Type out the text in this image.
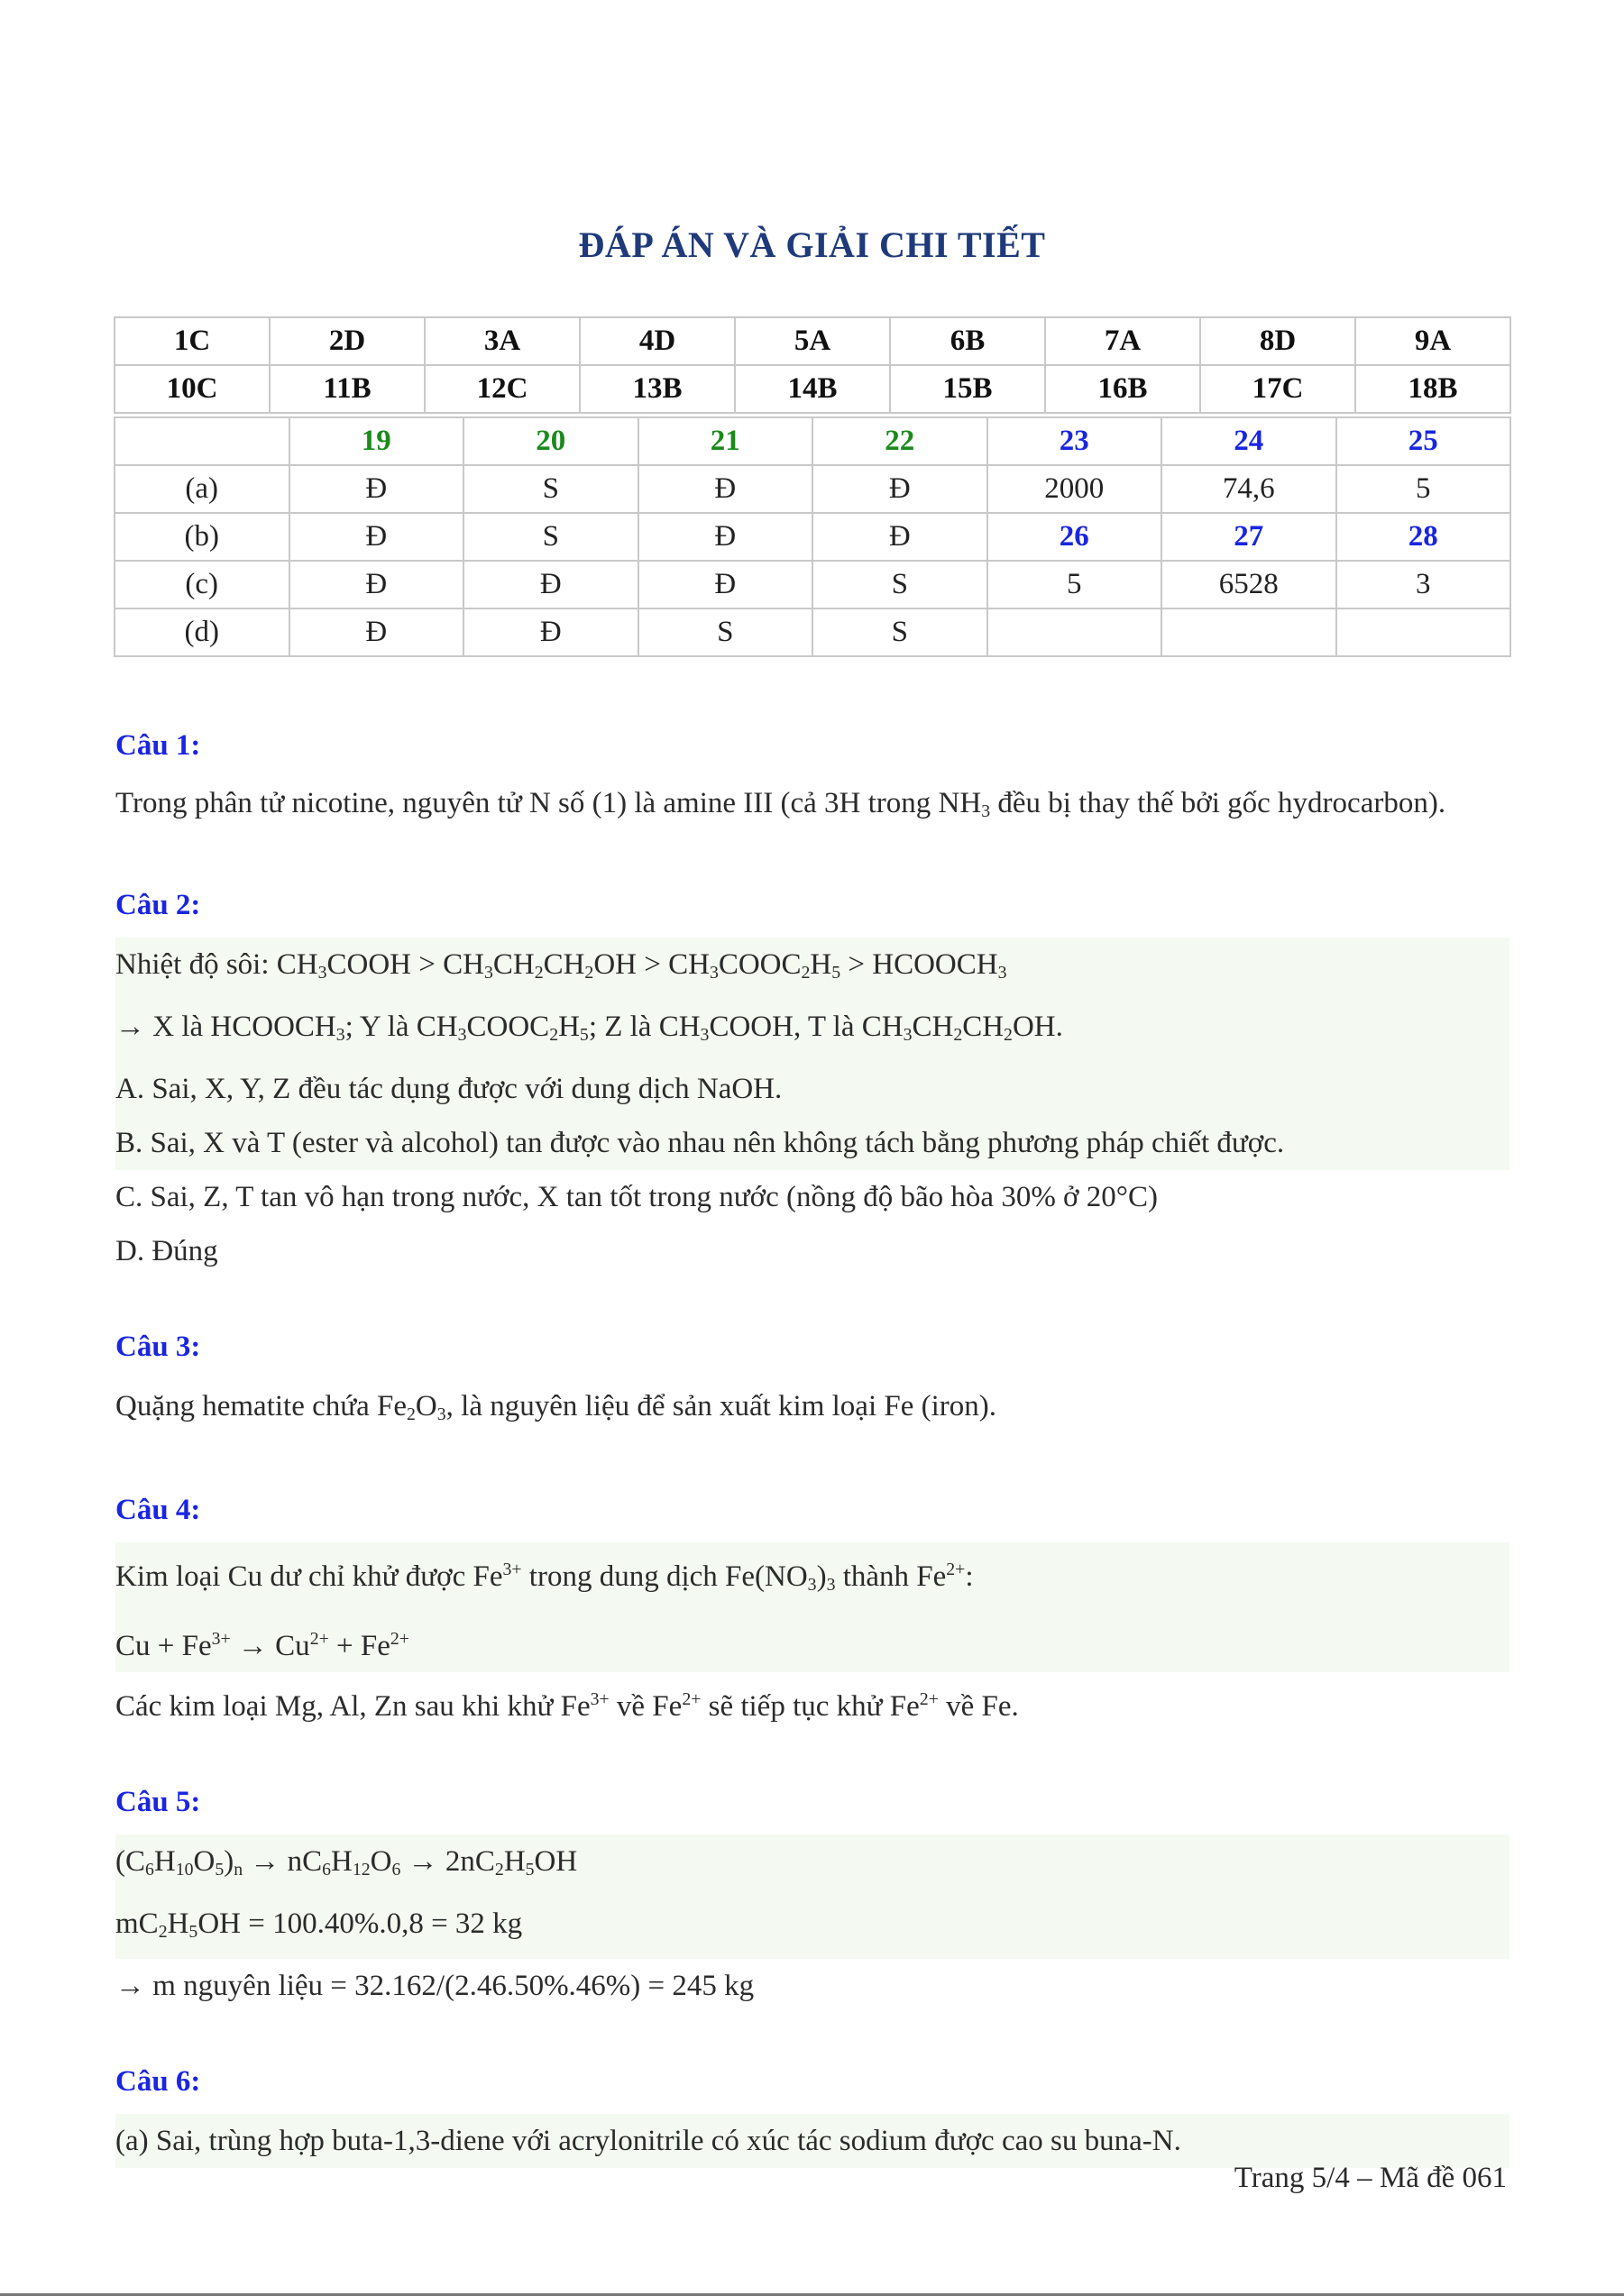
ĐÁP ÁN VÀ GIẢI CHI TIẾT
1C	2D	3A	4D	5A	6B	7A	8D	9A
10C	11B	12C	13B	14B	15B	16B	17C	18B
	19	20	21	22	23	24	25
(a)	Đ	S	Đ	Đ	2000	74,6	5
(b)	Đ	S	Đ	Đ	26	27	28
(c)	Đ	Đ	Đ	S	5	6528	3
(d)	Đ	Đ	S	S			
Câu 1:
Trong phân tử nicotine, nguyên tử N số (1) là amine III (cả 3H trong $NH_3$ đều bị thay thế bởi gốc hydrocarbon).
Câu 2:
Nhiệt độ sôi: $CH_3COOH > CH_3CH_2CH_2OH$ > $CH_3COOC_2H_5$ > $HCOOCH_3$
→ X là $HCOOCH_3$; Y là $CH_3COOC_2H_5$; Z là $CH_3COOH$, T là $CH_3CH_2CH_2OH$.
A. Sai, X, Y, Z đều tác dụng được với dung dịch NaOH.
B. Sai, X và T (ester và alcohol) tan được vào nhau nên không tách bằng phương pháp chiết được.
C. Sai, Z, T tan vô hạn trong nước, X tan tốt trong nước (nồng độ bão hòa 30% ở 20°C)
D. Đúng
Câu 3:
Quặng hematite chứa $Fe_2O_3$, là nguyên liệu để sản xuất kim loại Fe (iron).
Câu 4:
Kim loại Cu dư chỉ khử được $Fe^{3+}$ trong dung dịch $Fe(NO_3)_3$ thành $Fe^{2+}$:
$Cu + Fe^{3+} \to Cu^{2+} + Fe^{2+}$
Các kim loại Mg, Al, Zn sau khi khử $Fe^{3+}$ về $Fe^{2+}$ sẽ tiếp tục khử $Fe^{2+}$ về Fe.
Câu 5:
$(C_6H_{10}O_5)_n \to nC_6H_{12}O_6 \to 2nC_2H_5OH$
$mC_2H_5OH = 100.40\%.0,8 = 32$ kg
→ m nguyên liệu = 32.162/(2.46.50%.46%) = 245 kg
Câu 6:
(a) Sai, trùng hợp buta-1,3-diene với acrylonitrile có xúc tác sodium được cao su buna-N.
Trang 5/4 – Mã đề 061
